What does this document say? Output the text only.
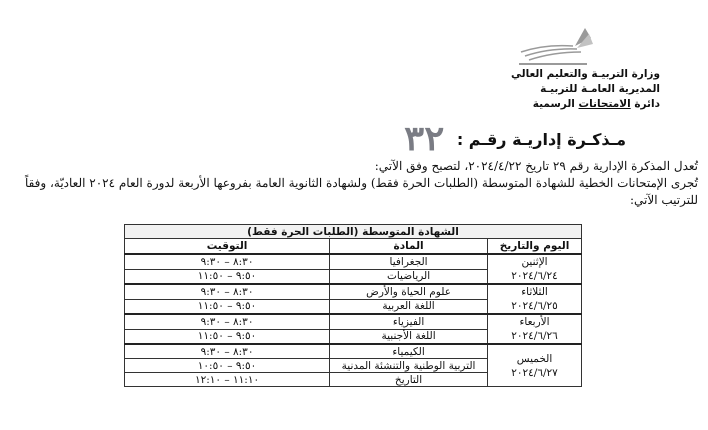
وزارة التربيـة والتعليم العالي
المديرية العامـة للتربيـة
دائرة الامتحانات الرسمية
مـذكـرة إداريـة رقـم :
٣٢
تُعدل المذكرة الإدارية رقم ٢٩ تاريخ ٢٠٢٤/٤/٢٢، لتصبح وفق الآتي:
تُجرى الإمتحانات الخطية للشهادة المتوسطة (الطلبات الحرة فقط) ولشهادة الثانوية العامة بفروعها الأربعة لدورة العام ٢٠٢٤ العاديّة، وفقاً للترتيب الآتي:
الشهادة المتوسطة (الطلبات الحرة فقط)		
اليوم والتاريخ	المادة	التوقيت

الإثنين
٢٠٢٤/٦/٢٤	الجغرافيا	٨:٣٠ – ٩:٣٠
	الرياضيات	٩:٥٠ – ١١:٥٠

الثلاثاء
٢٠٢٤/٦/٢٥	علوم الحياة والأرض	٨:٣٠ – ٩:٣٠
	اللغة العربية	٩:٥٠ – ١١:٥٠

الأربعاء
٢٠٢٤/٦/٢٦	الفيزياء	٨:٣٠ – ٩:٣٠
	اللغة الأجنبية	٩:٥٠ – ١١:٥٠

الخميس
٢٠٢٤/٦/٢٧	الكيمياء	٨:٣٠ – ٩:٣٠
	التربية الوطنية والتنشئة المدنية	٩:٥٠ – ١٠:٥٠
	التاريخ	١١:١٠ – ١٢:١٠
